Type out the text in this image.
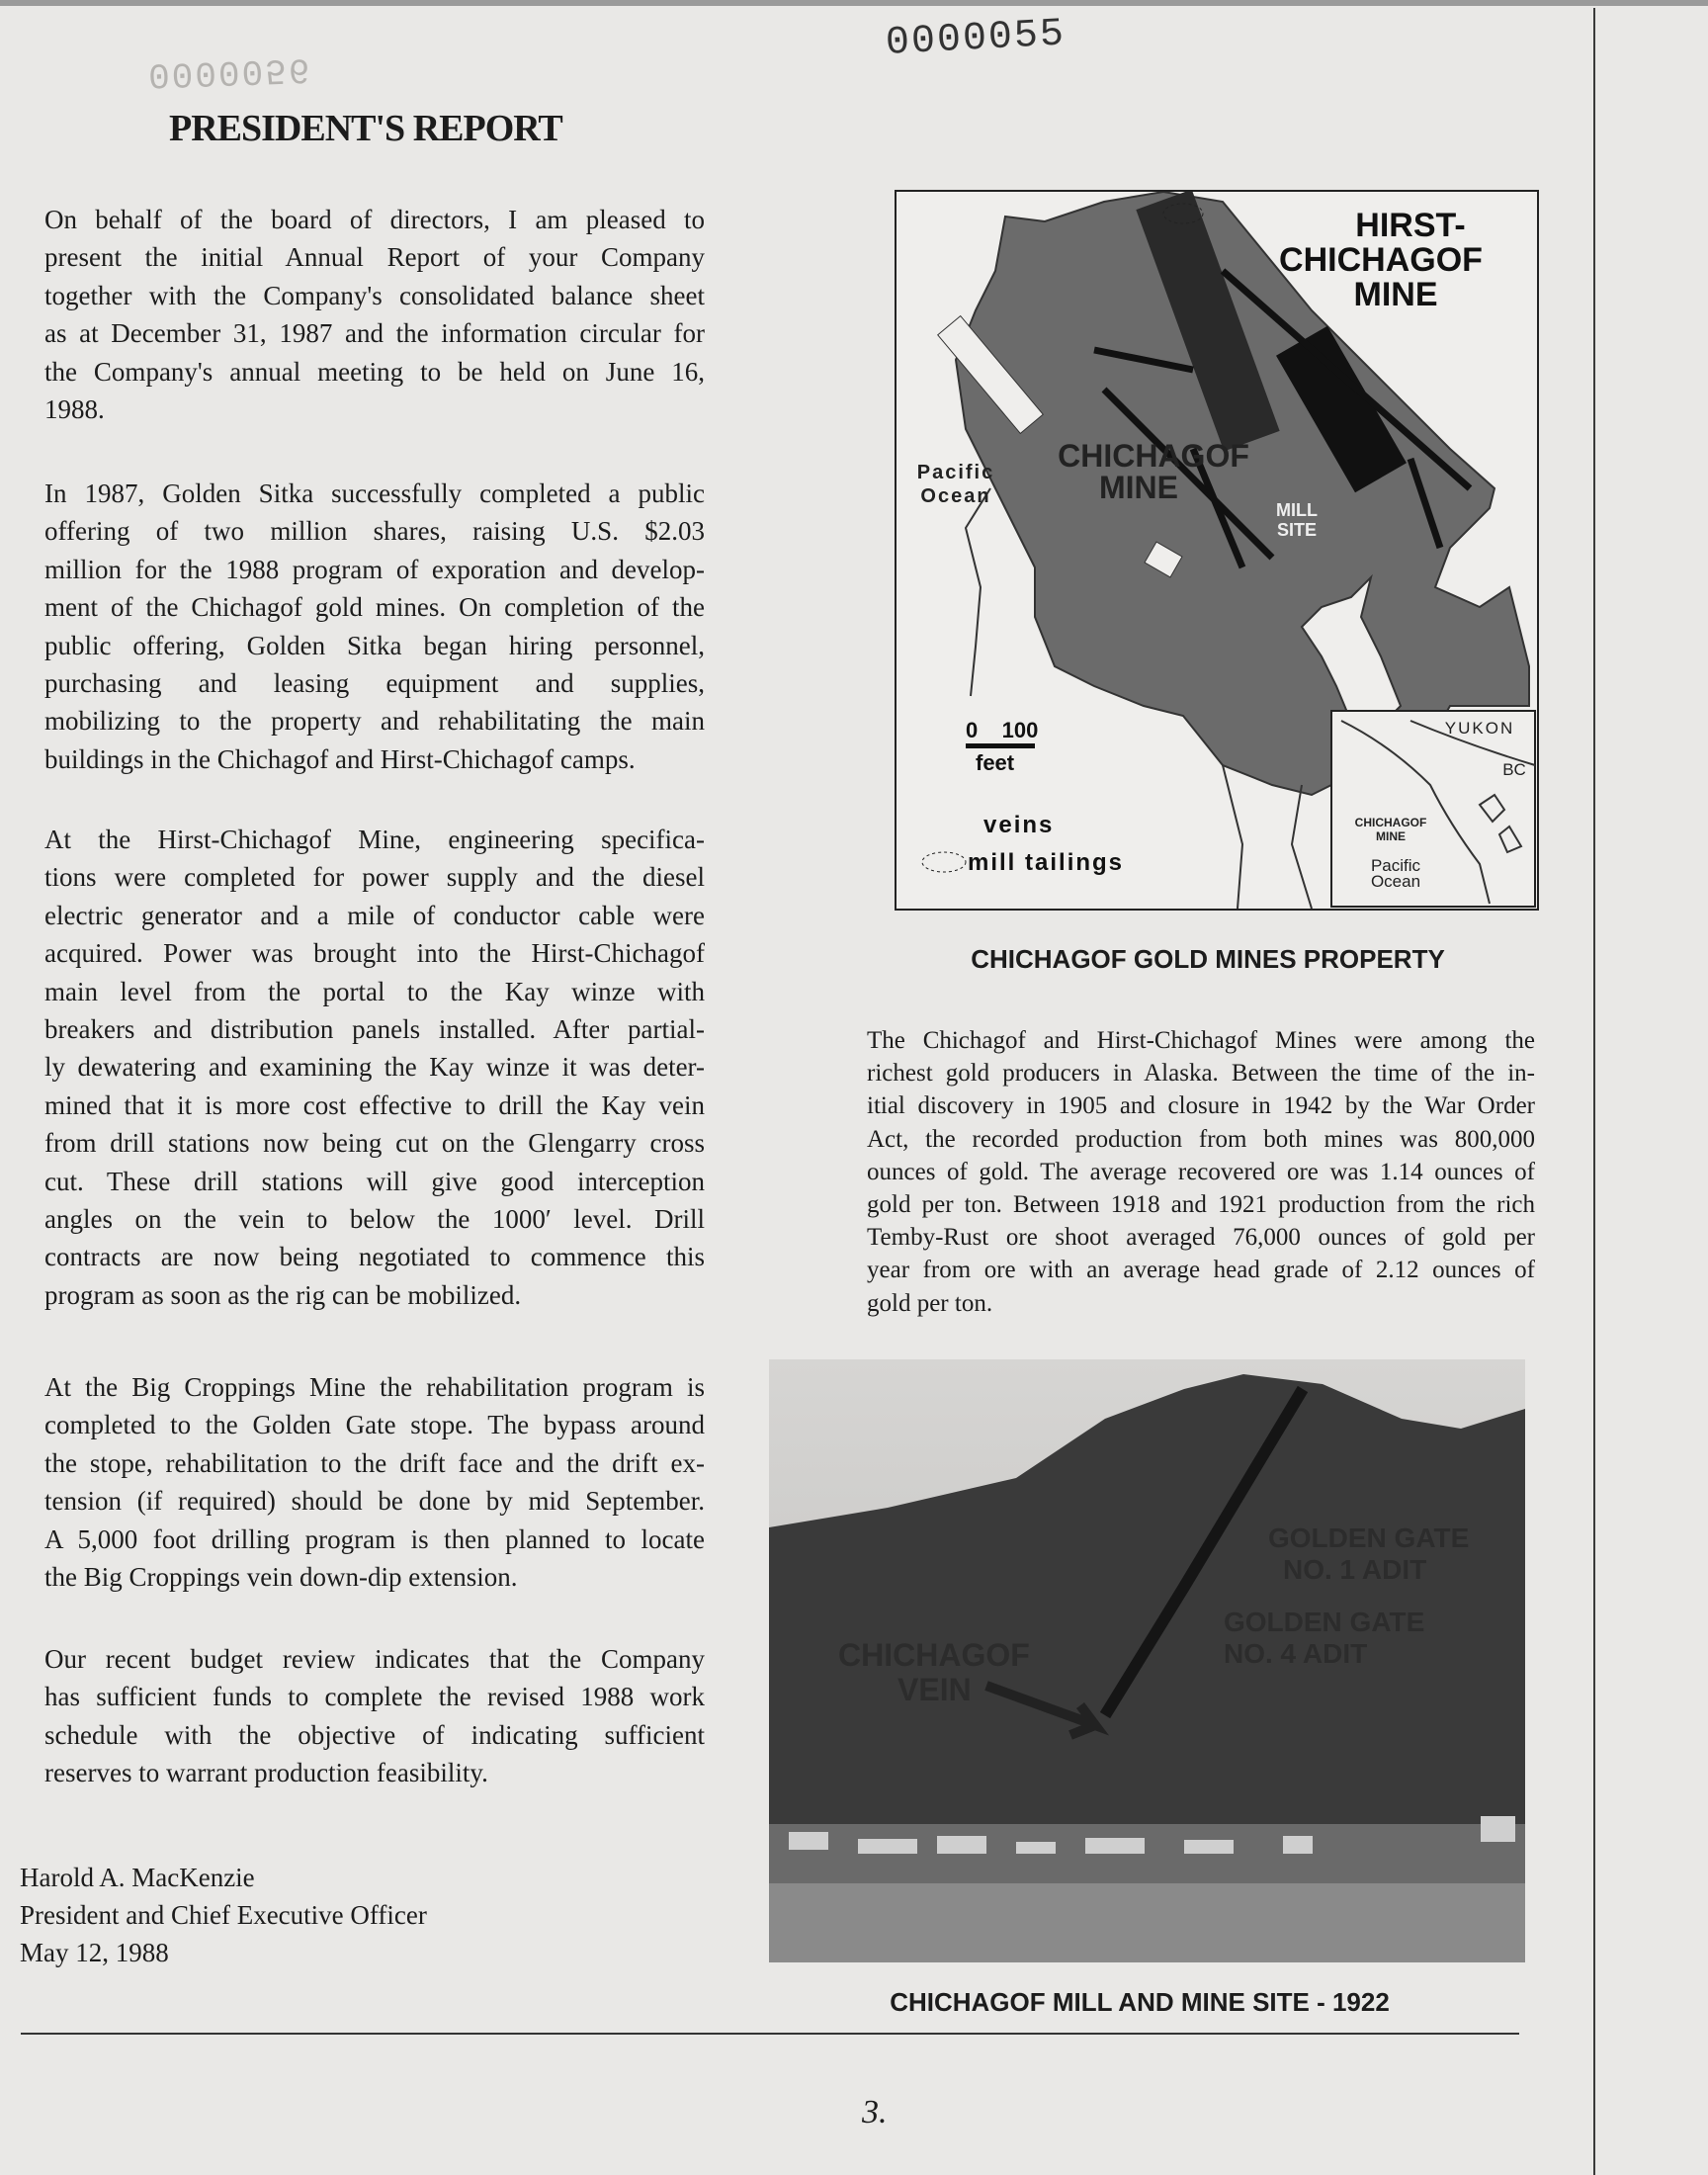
0000056
0000055
PRESIDENT'S REPORT
On behalf of the board of directors, I am pleased to
present the initial Annual Report of your Company
together with the Company's consolidated balance sheet
as at December 31, 1987 and the information circular for
the Company's annual meeting to be held on June 16,
1988.
In 1987, Golden Sitka successfully completed a public
offering of two million shares, raising U.S. $2.03
million for the 1988 program of exporation and develop-
ment of the Chichagof gold mines. On completion of the
public offering, Golden Sitka began hiring personnel,
purchasing and leasing equipment and supplies,
mobilizing to the property and rehabilitating the main
buildings in the Chichagof and Hirst-Chichagof camps.
At the Hirst-Chichagof Mine, engineering specifica-
tions were completed for power supply and the diesel
electric generator and a mile of conductor cable were
acquired. Power was brought into the Hirst-Chichagof
main level from the portal to the Kay winze with
breakers and distribution panels installed. After partial-
ly dewatering and examining the Kay winze it was deter-
mined that it is more cost effective to drill the Kay vein
from drill stations now being cut on the Glengarry cross
cut. These drill stations will give good interception
angles on the vein to below the 1000′ level. Drill
contracts are now being negotiated to commence this
program as soon as the rig can be mobilized.
At the Big Croppings Mine the rehabilitation program is
completed to the Golden Gate stope. The bypass around
the stope, rehabilitation to the drift face and the drift ex-
tension (if required) should be done by mid September.
A 5,000 foot drilling program is then planned to locate
the Big Croppings vein down-dip extension.
Our recent budget review indicates that the Company
has sufficient funds to complete the revised 1988 work
schedule with the objective of indicating sufficient
reserves to warrant production feasibility.
Harold A. MacKenzie
President and Chief Executive Officer
May 12, 1988
HIRST-
CHICHAGOF
MINE
CHICHAGOF
MINE
Pacific
Ocean
MILL
SITE
0    100
feet
veins
mill tailings
YUKON
BC
CHICHAGOF
MINE
Pacific
Ocean
CHICHAGOF GOLD MINES PROPERTY
The Chichagof and Hirst-Chichagof Mines were among the
richest gold producers in Alaska. Between the time of the in-
itial discovery in 1905 and closure in 1942 by the War Order
Act, the recorded production from both mines was 800,000
ounces of gold. The average recovered ore was 1.14 ounces of
gold per ton. Between 1918 and 1921 production from the rich
Temby-Rust ore shoot averaged 76,000 ounces of gold per
year from ore with an average head grade of 2.12 ounces of
gold per ton.
CHICHAGOF
VEIN
GOLDEN GATE
NO. 1 ADIT
GOLDEN GATE
NO. 4 ADIT
CHICHAGOF MILL AND MINE SITE - 1922
3.
